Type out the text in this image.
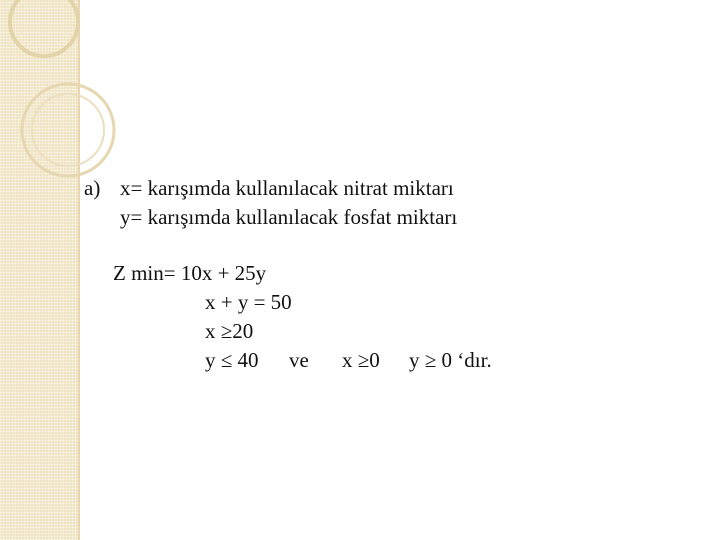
a) x= karışımda kullanılacak nitrat miktarı
y= karışımda kullanılacak fosfat miktarı
Z min= 10x + 25y
x + y = 50
x ≥20
y ≤ 40 ve x ≥0 y ≥ 0 ‘dır.
